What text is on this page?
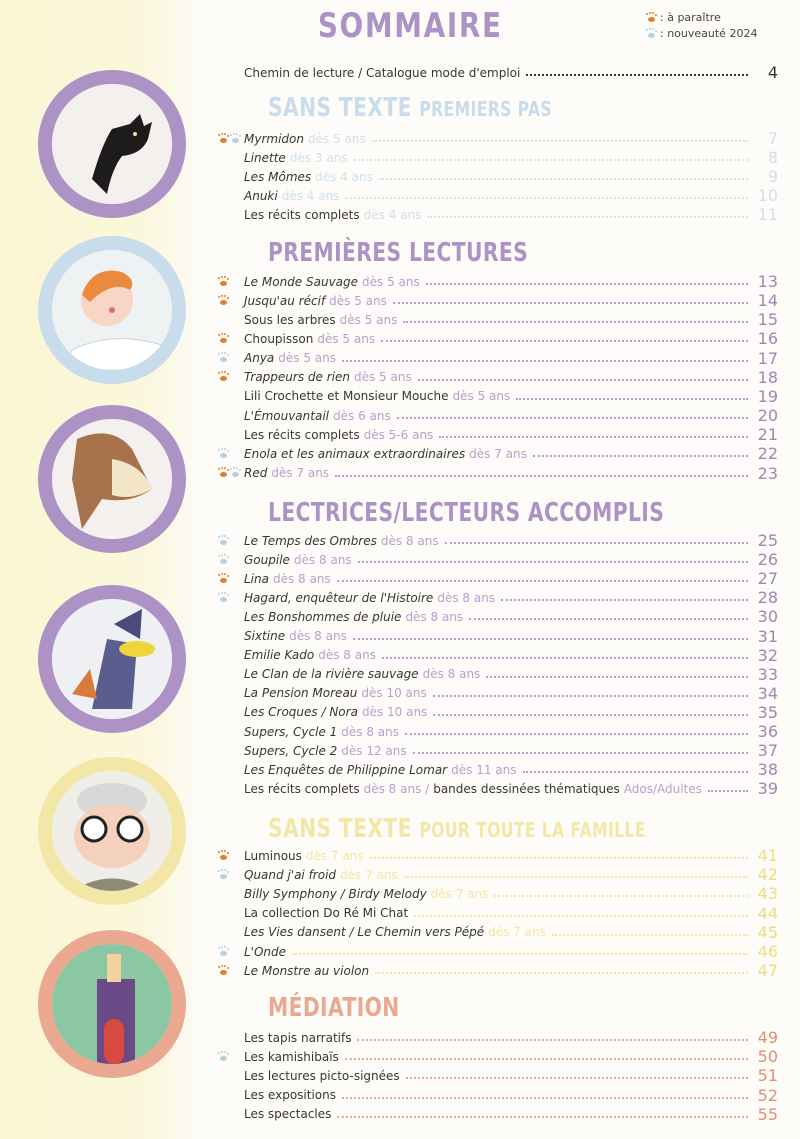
SOMMAIRE	: à paraître
: nouveauté 2024
Chemin de lecture / Catalogue mode d'emploi	4
SANS TEXTE PREMIERS PAS
Myrmidon dès 5 ans	7
Linette dès 3 ans	8
Les Mômes dès 4 ans	9
Anuki dès 4 ans	10
Les récits complets dès 4 ans	11
PREMIÈRES LECTURES
Le Monde Sauvage dès 5 ans	13
Jusqu'au récif dès 5 ans	14
Sous les arbres dès 5 ans	15
Choupisson dès 5 ans	16
Anya dès 5 ans	17
Trappeurs de rien dès 5 ans	18
Lili Crochette et Monsieur Mouche dès 5 ans	19
L'Émouvantail dès 6 ans	20
Les récits complets dès 5-6 ans	21
Enola et les animaux extraordinaires dès 7 ans	22
Red dès 7 ans	23
LECTRICES/LECTEURS ACCOMPLIS
Le Temps des Ombres dès 8 ans	25
Goupile dès 8 ans	26
Lina dès 8 ans	27
Hagard, enquêteur de l'Histoire dès 8 ans	28
Les Bonshommes de pluie dès 8 ans	30
Sixtine dès 8 ans	31
Emilie Kado dès 8 ans	32
Le Clan de la rivière sauvage dès 8 ans	33
La Pension Moreau dès 10 ans	34
Les Croques / Nora dès 10 ans	35
Supers, Cycle 1 dès 8 ans	36
Supers, Cycle 2 dès 12 ans	37
Les Enquêtes de Philippine Lomar dès 11 ans	38
Les récits complets dès 8 ans / bandes dessinées thématiques Ados/Adultes	39
SANS TEXTE POUR TOUTE LA FAMILLE
Luminous dès 7 ans	41
Quand j'ai froid dès 7 ans	42
Billy Symphony / Birdy Melody dès 7 ans	43
La collection Do Ré Mi Chat	44
Les Vies dansent / Le Chemin vers Pépé dès 7 ans	45
L'Onde	46
Le Monstre au violon	47
MÉDIATION
Les tapis narratifs	49
Les kamishibaïs	50
Les lectures picto-signées	51
Les expositions	52
Les spectacles	55
